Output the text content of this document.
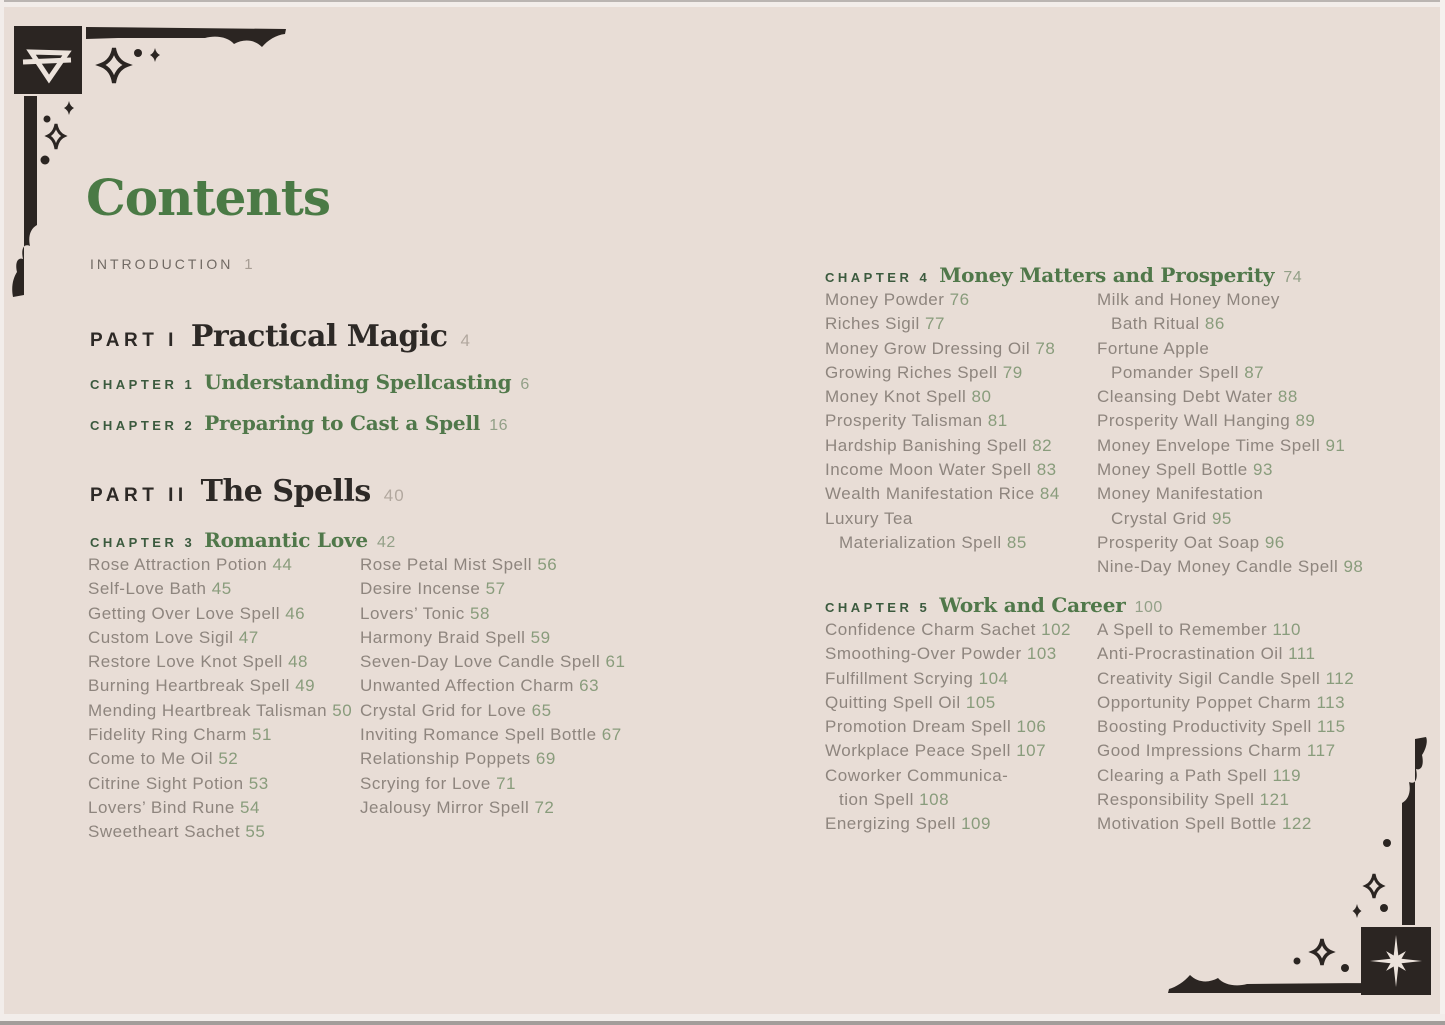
Contents
INTRODUCTION 1
PART I Practical Magic 4
CHAPTER 1 Understanding Spellcasting 6
CHAPTER 2 Preparing to Cast a Spell 16
PART II The Spells 40
CHAPTER 3 Romantic Love 42
Rose Attraction Potion 44
Self-Love Bath 45
Getting Over Love Spell 46
Custom Love Sigil 47
Restore Love Knot Spell 48
Burning Heartbreak Spell 49
Mending Heartbreak Talisman 50
Fidelity Ring Charm 51
Come to Me Oil 52
Citrine Sight Potion 53
Lovers’ Bind Rune 54
Sweetheart Sachet 55
Rose Petal Mist Spell 56
Desire Incense 57
Lovers’ Tonic 58
Harmony Braid Spell 59
Seven-Day Love Candle Spell 61
Unwanted Affection Charm 63
Crystal Grid for Love 65
Inviting Romance Spell Bottle 67
Relationship Poppets 69
Scrying for Love 71
Jealousy Mirror Spell 72
CHAPTER 4 Money Matters and Prosperity 74
Money Powder 76
Riches Sigil 77
Money Grow Dressing Oil 78
Growing Riches Spell 79
Money Knot Spell 80
Prosperity Talisman 81
Hardship Banishing Spell 82
Income Moon Water Spell 83
Wealth Manifestation Rice 84
Luxury Tea
Materialization Spell 85
Milk and Honey Money
Bath Ritual 86
Fortune Apple
Pomander Spell 87
Cleansing Debt Water 88
Prosperity Wall Hanging 89
Money Envelope Time Spell 91
Money Spell Bottle 93
Money Manifestation
Crystal Grid 95
Prosperity Oat Soap 96
Nine-Day Money Candle Spell 98
CHAPTER 5 Work and Career 100
Confidence Charm Sachet 102
Smoothing-Over Powder 103
Fulfillment Scrying 104
Quitting Spell Oil 105
Promotion Dream Spell 106
Workplace Peace Spell 107
Coworker Communica-
tion Spell 108
Energizing Spell 109
A Spell to Remember 110
Anti-Procrastination Oil 111
Creativity Sigil Candle Spell 112
Opportunity Poppet Charm 113
Boosting Productivity Spell 115
Good Impressions Charm 117
Clearing a Path Spell 119
Responsibility Spell 121
Motivation Spell Bottle 122
